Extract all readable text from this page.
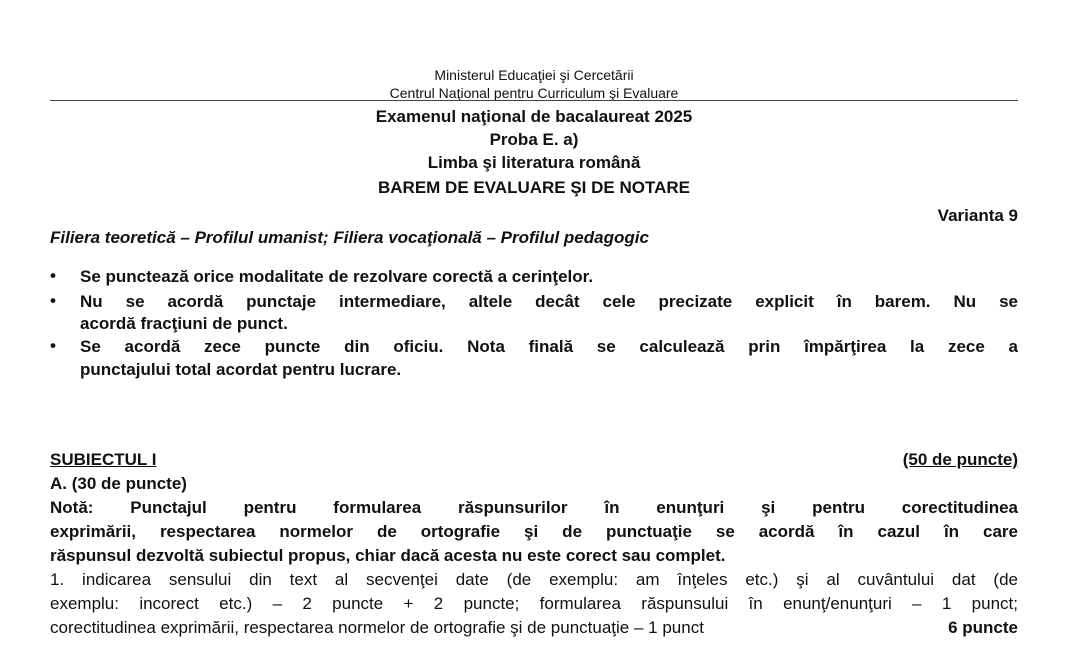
Ministerul Educaţiei şi Cercetării
Centrul Naţional pentru Curriculum şi Evaluare
Examenul naţional de bacalaureat 2025
Proba E. a)
Limba şi literatura română
BAREM DE EVALUARE ŞI DE NOTARE
Varianta 9
Filiera teoretică – Profilul umanist; Filiera vocaţională – Profilul pedagogic
• Se punctează orice modalitate de rezolvare corectă a cerinţelor.
• Nu se acordă punctaje intermediare, altele decât cele precizate explicit în barem. Nu se
acordă fracţiuni de punct.
• Se acordă zece puncte din oficiu. Nota finală se calculează prin împărţirea la zece a
punctajului total acordat pentru lucrare.
SUBIECTUL I	(50 de puncte)
A. (30 de puncte)
Notă: Punctajul pentru formularea răspunsurilor în enunţuri şi pentru corectitudinea
exprimării, respectarea normelor de ortografie şi de punctuaţie se acordă în cazul în care
răspunsul dezvoltă subiectul propus, chiar dacă acesta nu este corect sau complet.
1. indicarea sensului din text al secvenţei date (de exemplu: am înţeles etc.) şi al cuvântului dat (de
exemplu: incorect etc.) – 2 puncte + 2 puncte; formularea răspunsului în enunţ/enunţuri – 1 punct;
corectitudinea exprimării, respectarea normelor de ortografie şi de punctuaţie – 1 punct	6 puncte
